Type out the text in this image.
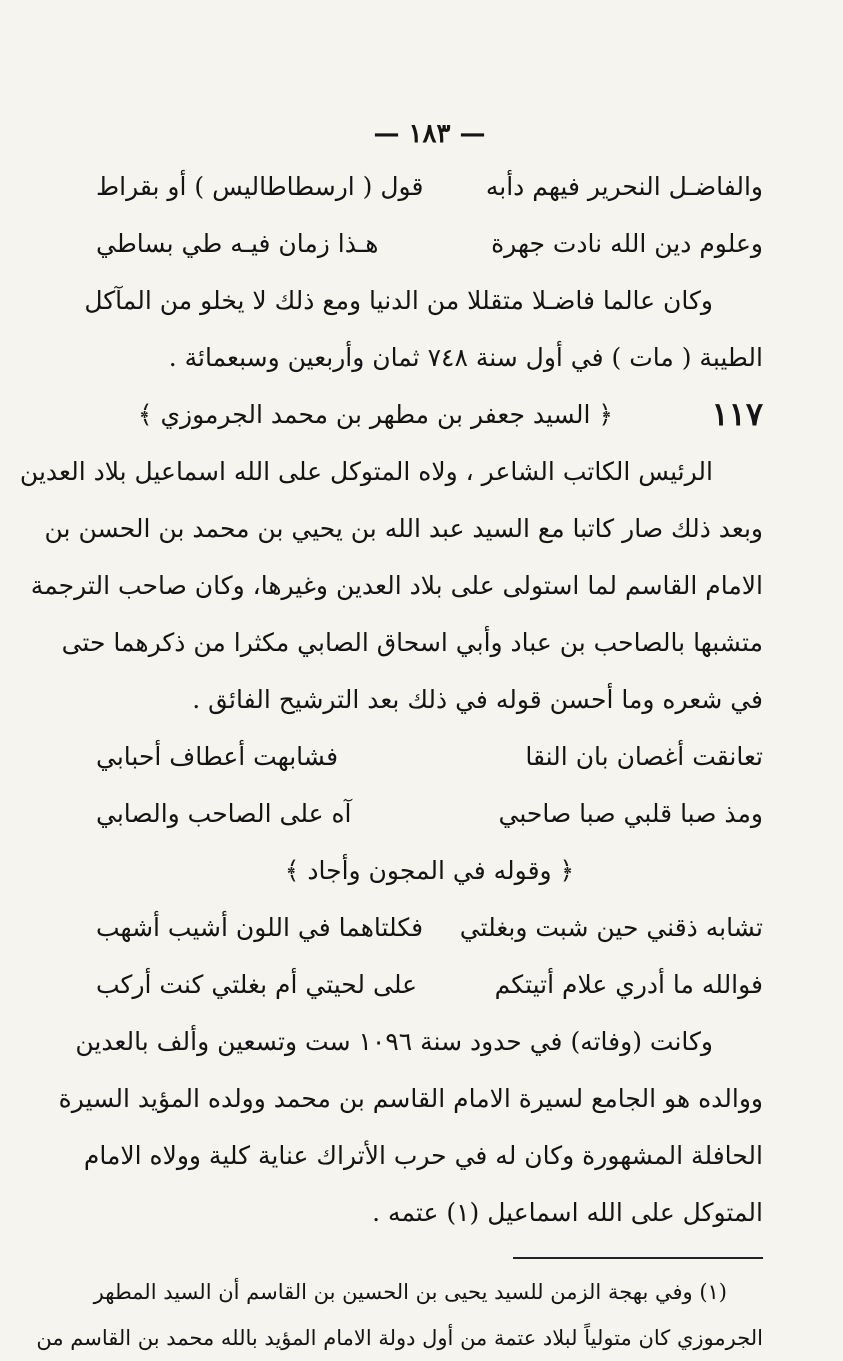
— ١٨٣ —
والفاضـل النحرير فيهم دأبه
قول ( ارسطاطاليس ) أو بقراط
وعلوم دين الله نادت جهرة
هـذا زمان فيـه طي بساطي
وكان عالما فاضـلا متقللا من الدنيا ومع ذلك لا يخلو من المآكل
الطيبة ( مات ) في أول سنة ٧٤٨ ثمان وأربعين وسبعمائة .
١١٧
﴿ السيد جعفر بن مطهر بن محمد الجرموزي ﴾
الرئيس الكاتب الشاعر ، ولاه المتوكل على الله اسماعيل بلاد العدين
وبعد ذلك صار كاتبا مع السيد عبد الله بن يحيي بن محمد بن الحسن بن
الامام القاسم لما استولى على بلاد العدين وغيرها، وكان صاحب الترجمة
متشبها بالصاحب بن عباد وأبي اسحاق الصابي مكثرا من ذكرهما حتى
في شعره وما أحسن قوله في ذلك بعد الترشيح الفائق .
تعانقت أغصان بان النقا
فشابهت أعطاف أحبابي
ومذ صبا قلبي صبا صاحبي
آه على الصاحب والصابي
﴿ وقوله في المجون وأجاد ﴾
تشابه ذقني حين شبت وبغلتي
فكلتاهما في اللون أشيب أشهب
فوالله ما أدري علام أتيتكم
على لحيتي أم بغلتي كنت أركب
وكانت (وفاته) في حدود سنة ١٠٩٦ ست وتسعين وألف بالعدين
ووالده هو الجامع لسيرة الامام القاسم بن محمد وولده المؤيد السيرة
الحافلة المشهورة وكان له في حرب الأتراك عناية كلية وولاه الامام
المتوكل على الله اسماعيل (١) عتمه .
(١) وفي بهجة الزمن للسيد يحيى بن الحسين بن القاسم أن السيد المطهر
الجرموزي كان متولياً لبلاد عتمة من أول دولة الامام المؤيد بالله محمد بن القاسم من
